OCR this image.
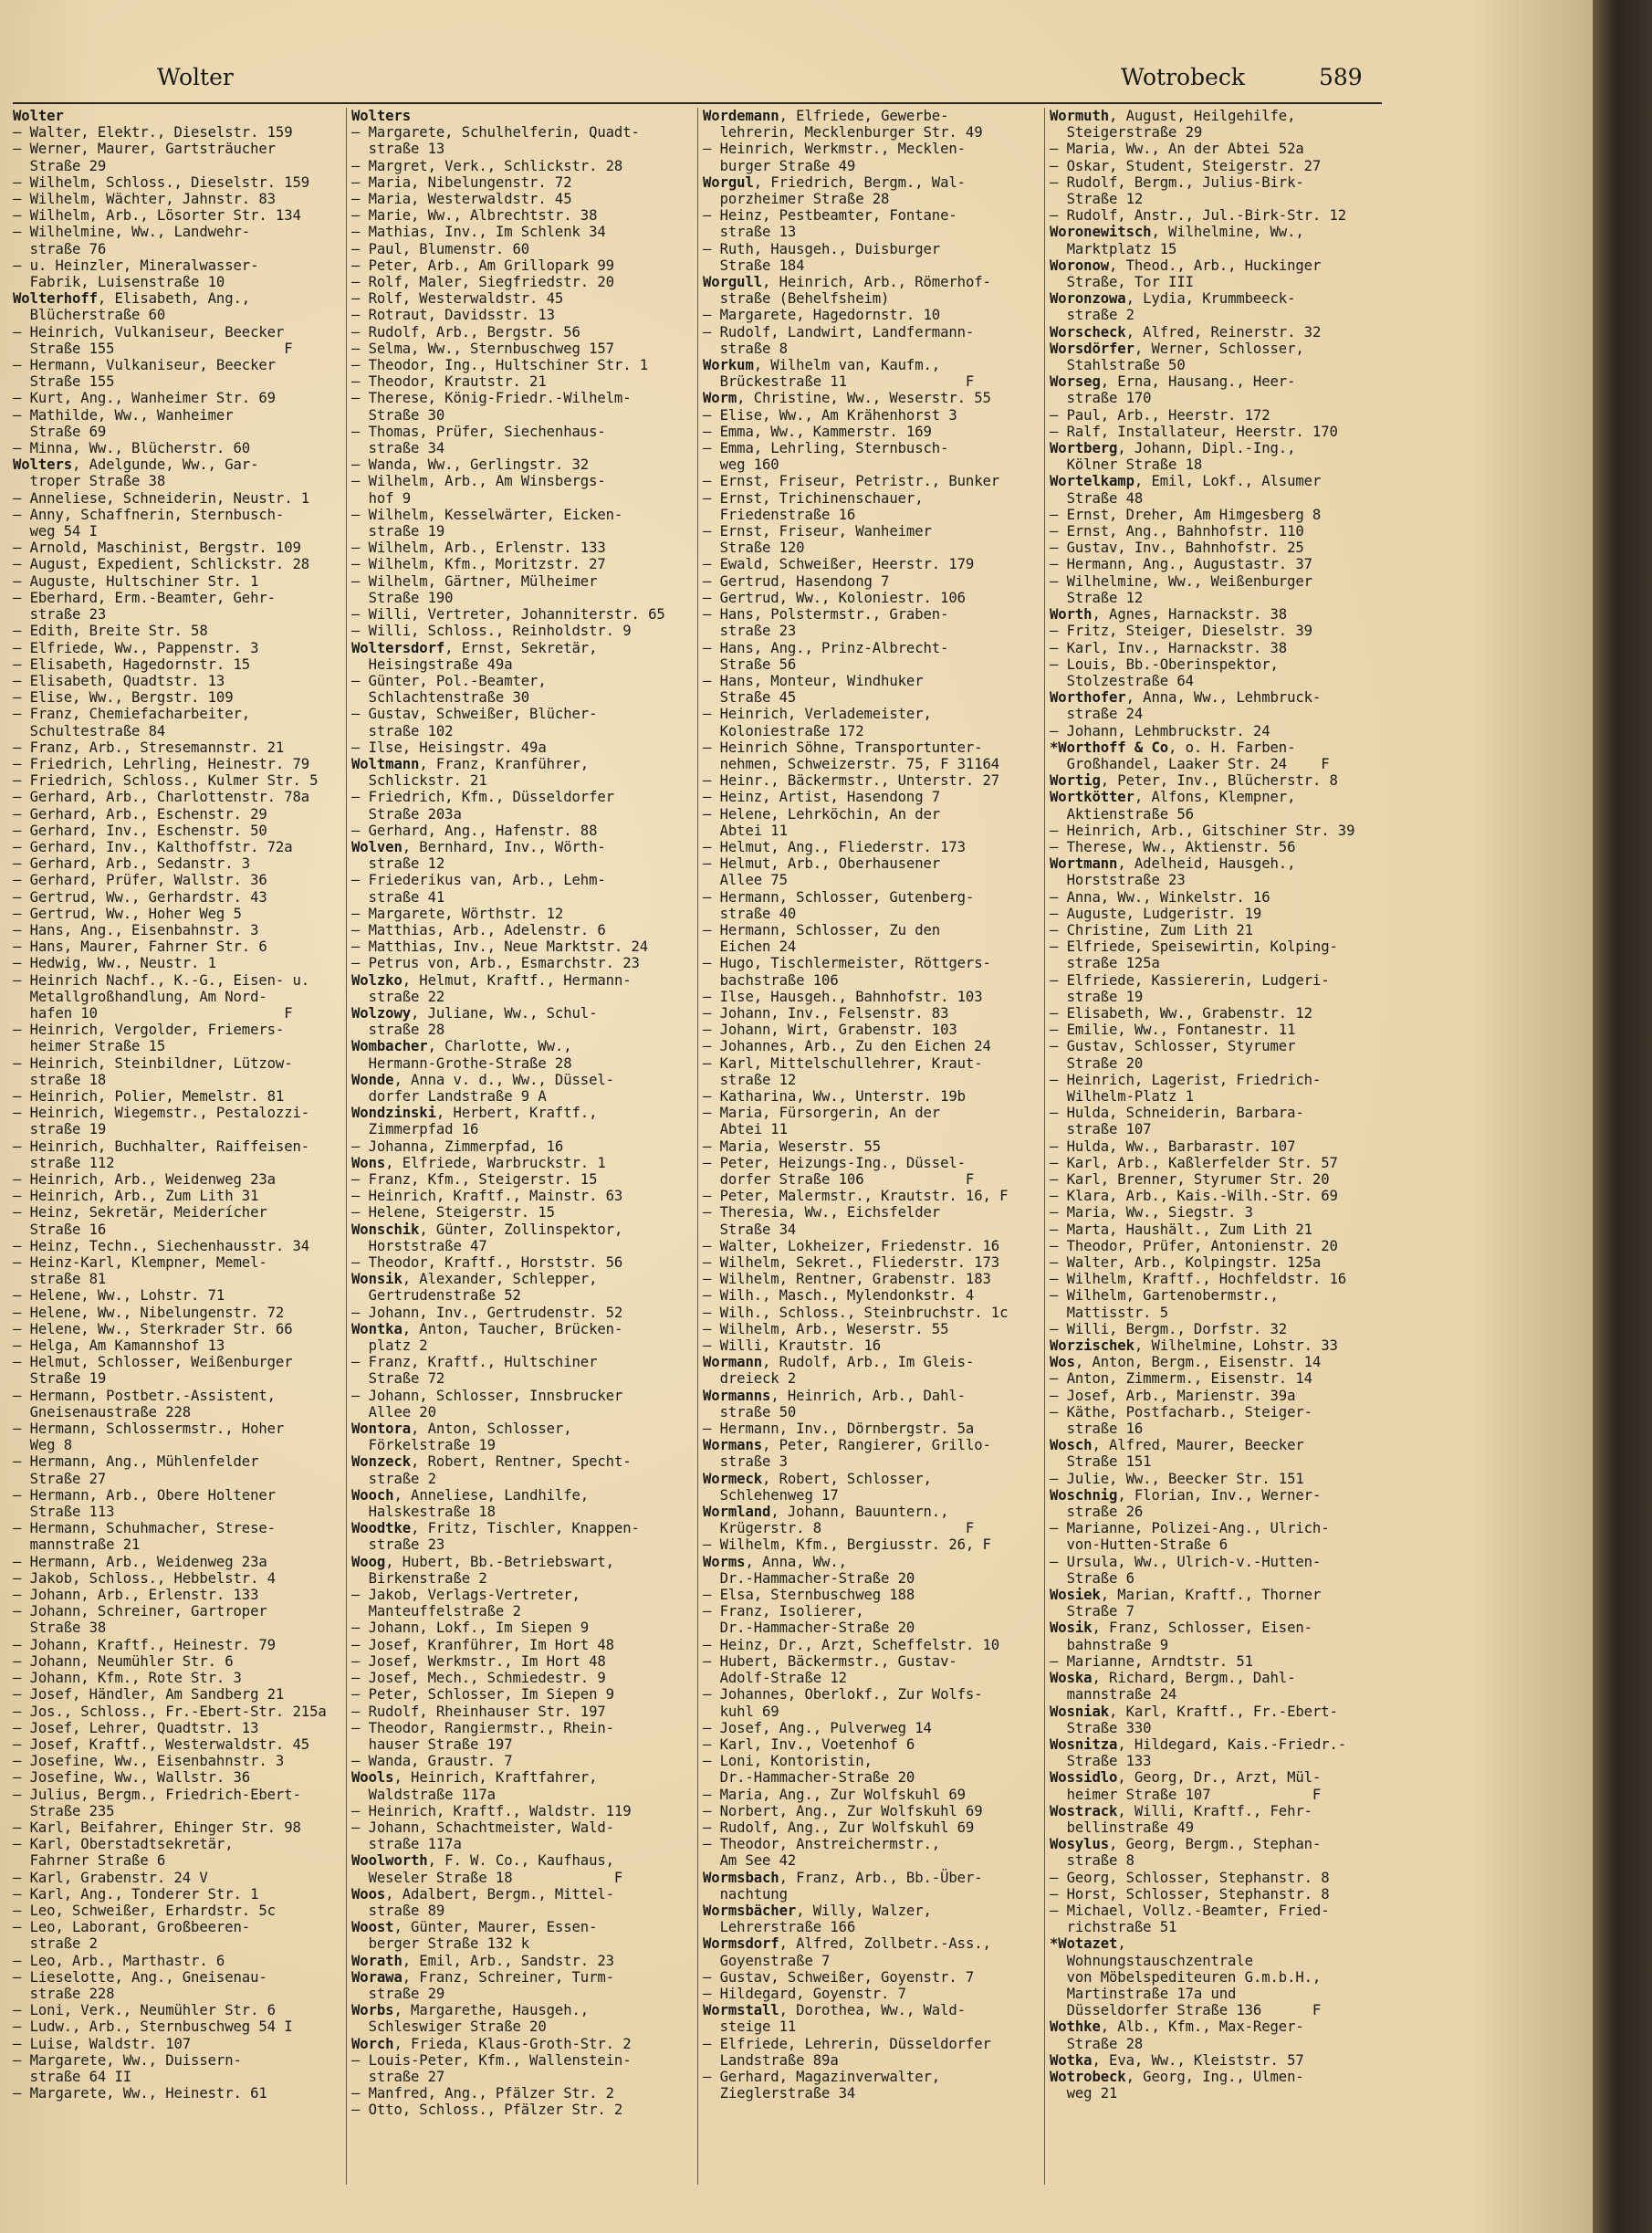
Wolter	Wotrobeck	589
Wolter
— Walter, Elektr., Dieselstr. 159
— Werner, Maurer, Gartsträucher
Straße 29
— Wilhelm, Schloss., Dieselstr. 159
— Wilhelm, Wächter, Jahnstr. 83
— Wilhelm, Arb., Lösorter Str. 134
— Wilhelmine, Ww., Landwehr-
straße 76
— u. Heinzler, Mineralwasser-
Fabrik, Luisenstraße 10
Wolterhoff, Elisabeth, Ang.,
Blücherstraße 60
— Heinrich, Vulkaniseur, Beecker
Straße 155                    F
— Hermann, Vulkaniseur, Beecker
Straße 155
— Kurt, Ang., Wanheimer Str. 69
— Mathilde, Ww., Wanheimer
Straße 69
— Minna, Ww., Blücherstr. 60
Wolters, Adelgunde, Ww., Gar-
troper Straße 38
— Anneliese, Schneiderin, Neustr. 1
— Anny, Schaffnerin, Sternbusch-
weg 54 I
— Arnold, Maschinist, Bergstr. 109
— August, Expedient, Schlickstr. 28
— Auguste, Hultschiner Str. 1
— Eberhard, Erm.-Beamter, Gehr-
straße 23
— Edith, Breite Str. 58
— Elfriede, Ww., Pappenstr. 3
— Elisabeth, Hagedornstr. 15
— Elisabeth, Quadtstr. 13
— Elise, Ww., Bergstr. 109
— Franz, Chemiefacharbeiter,
Schultestraße 84
— Franz, Arb., Stresemannstr. 21
— Friedrich, Lehrling, Heinestr. 79
— Friedrich, Schloss., Kulmer Str. 5
— Gerhard, Arb., Charlottenstr. 78a
— Gerhard, Arb., Eschenstr. 29
— Gerhard, Inv., Eschenstr. 50
— Gerhard, Inv., Kalthoffstr. 72a
— Gerhard, Arb., Sedanstr. 3
— Gerhard, Prüfer, Wallstr. 36
— Gertrud, Ww., Gerhardstr. 43
— Gertrud, Ww., Hoher Weg 5
— Hans, Ang., Eisenbahnstr. 3
— Hans, Maurer, Fahrner Str. 6
— Hedwig, Ww., Neustr. 1
— Heinrich Nachf., K.-G., Eisen- u.
Metallgroßhandlung, Am Nord-
hafen 10                      F
— Heinrich, Vergolder, Friemers-
heimer Straße 15
— Heinrich, Steinbildner, Lützow-
straße 18
— Heinrich, Polier, Memelstr. 81
— Heinrich, Wiegemstr., Pestalozzi-
straße 19
— Heinrich, Buchhalter, Raiffeisen-
straße 112
— Heinrich, Arb., Weidenweg 23a
— Heinrich, Arb., Zum Lith 31
— Heinz, Sekretär, Meiderícher
Straße 16
— Heinz, Techn., Siechenhausstr. 34
— Heinz-Karl, Klempner, Memel-
straße 81
— Helene, Ww., Lohstr. 71
— Helene, Ww., Nibelungenstr. 72
— Helene, Ww., Sterkrader Str. 66
— Helga, Am Kamannshof 13
— Helmut, Schlosser, Weißenburger
Straße 19
— Hermann, Postbetr.-Assistent,
Gneisenaustraße 228
— Hermann, Schlossermstr., Hoher
Weg 8
— Hermann, Ang., Mühlenfelder
Straße 27
— Hermann, Arb., Obere Holtener
Straße 113
— Hermann, Schuhmacher, Strese-
mannstraße 21
— Hermann, Arb., Weidenweg 23a
— Jakob, Schloss., Hebbelstr. 4
— Johann, Arb., Erlenstr. 133
— Johann, Schreiner, Gartroper
Straße 38
— Johann, Kraftf., Heinestr. 79
— Johann, Neumühler Str. 6
— Johann, Kfm., Rote Str. 3
— Josef, Händler, Am Sandberg 21
— Jos., Schloss., Fr.-Ebert-Str. 215a
— Josef, Lehrer, Quadtstr. 13
— Josef, Kraftf., Westerwaldstr. 45
— Josefine, Ww., Eisenbahnstr. 3
— Josefine, Ww., Wallstr. 36
— Julius, Bergm., Friedrich-Ebert-
Straße 235
— Karl, Beifahrer, Ehinger Str. 98
— Karl, Oberstadtsekretär,
Fahrner Straße 6
— Karl, Grabenstr. 24 V
— Karl, Ang., Tonderer Str. 1
— Leo, Schweißer, Erhardstr. 5c
— Leo, Laborant, Großbeeren-
straße 2
— Leo, Arb., Marthastr. 6
— Lieselotte, Ang., Gneisenau-
straße 228
— Loni, Verk., Neumühler Str. 6
— Ludw., Arb., Sternbuschweg 54 I
— Luise, Waldstr. 107
— Margarete, Ww., Duissern-
straße 64 II
— Margarete, Ww., Heinestr. 61
Wolters
— Margarete, Schulhelferin, Quadt-
straße 13
— Margret, Verk., Schlickstr. 28
— Maria, Nibelungenstr. 72
— Maria, Westerwaldstr. 45
— Marie, Ww., Albrechtstr. 38
— Mathias, Inv., Im Schlenk 34
— Paul, Blumenstr. 60
— Peter, Arb., Am Grillopark 99
— Rolf, Maler, Siegfriedstr. 20
— Rolf, Westerwaldstr. 45
— Rotraut, Davidsstr. 13
— Rudolf, Arb., Bergstr. 56
— Selma, Ww., Sternbuschweg 157
— Theodor, Ing., Hultschiner Str. 1
— Theodor, Krautstr. 21
— Therese, König-Friedr.-Wilhelm-
Straße 30
— Thomas, Prüfer, Siechenhaus-
straße 34
— Wanda, Ww., Gerlingstr. 32
— Wilhelm, Arb., Am Winsbergs-
hof 9
— Wilhelm, Kesselwärter, Eicken-
straße 19
— Wilhelm, Arb., Erlenstr. 133
— Wilhelm, Kfm., Moritzstr. 27
— Wilhelm, Gärtner, Mülheimer
Straße 190
— Willi, Vertreter, Johanniterstr. 65
— Willi, Schloss., Reinholdstr. 9
Woltersdorf, Ernst, Sekretär,
Heisingstraße 49a
— Günter, Pol.-Beamter,
Schlachtenstraße 30
— Gustav, Schweißer, Blücher-
straße 102
— Ilse, Heisingstr. 49a
Woltmann, Franz, Kranführer,
Schlickstr. 21
— Friedrich, Kfm., Düsseldorfer
Straße 203a
— Gerhard, Ang., Hafenstr. 88
Wolven, Bernhard, Inv., Wörth-
straße 12
— Friederikus van, Arb., Lehm-
straße 41
— Margarete, Wörthstr. 12
— Matthias, Arb., Adelenstr. 6
— Matthias, Inv., Neue Marktstr. 24
— Petrus von, Arb., Esmarchstr. 23
Wolzko, Helmut, Kraftf., Hermann-
straße 22
Wolzowy, Juliane, Ww., Schul-
straße 28
Wombacher, Charlotte, Ww.,
Hermann-Grothe-Straße 28
Wonde, Anna v. d., Ww., Düssel-
dorfer Landstraße 9 A
Wondzinski, Herbert, Kraftf.,
Zimmerpfad 16
— Johanna, Zimmerpfad, 16
Wons, Elfriede, Warbruckstr. 1
— Franz, Kfm., Steigerstr. 15
— Heinrich, Kraftf., Mainstr. 63
— Helene, Steigerstr. 15
Wonschik, Günter, Zollinspektor,
Horststraße 47
— Theodor, Kraftf., Horststr. 56
Wonsik, Alexander, Schlepper,
Gertrudenstraße 52
— Johann, Inv., Gertrudenstr. 52
Wontka, Anton, Taucher, Brücken-
platz 2
— Franz, Kraftf., Hultschiner
Straße 72
— Johann, Schlosser, Innsbrucker
Allee 20
Wontora, Anton, Schlosser,
Förkelstraße 19
Wonzeck, Robert, Rentner, Specht-
straße 2
Wooch, Anneliese, Landhilfe,
Halskestraße 18
Woodtke, Fritz, Tischler, Knappen-
straße 23
Woog, Hubert, Bb.-Betriebswart,
Birkenstraße 2
— Jakob, Verlags-Vertreter,
Manteuffelstraße 2
— Johann, Lokf., Im Siepen 9
— Josef, Kranführer, Im Hort 48
— Josef, Werkmstr., Im Hort 48
— Josef, Mech., Schmiedestr. 9
— Peter, Schlosser, Im Siepen 9
— Rudolf, Rheinhauser Str. 197
— Theodor, Rangiermstr., Rhein-
hauser Straße 197
— Wanda, Graustr. 7
Wools, Heinrich, Kraftfahrer,
Waldstraße 117a
— Heinrich, Kraftf., Waldstr. 119
— Johann, Schachtmeister, Wald-
straße 117a
Woolworth, F. W. Co., Kaufhaus,
Weseler Straße 18            F
Woos, Adalbert, Bergm., Mittel-
straße 89
Woost, Günter, Maurer, Essen-
berger Straße 132 k
Worath, Emil, Arb., Sandstr. 23
Worawa, Franz, Schreiner, Turm-
straße 29
Worbs, Margarethe, Hausgeh.,
Schleswiger Straße 20
Worch, Frieda, Klaus-Groth-Str. 2
— Louis-Peter, Kfm., Wallenstein-
straße 27
— Manfred, Ang., Pfälzer Str. 2
— Otto, Schloss., Pfälzer Str. 2
Wordemann, Elfriede, Gewerbe-
lehrerin, Mecklenburger Str. 49
— Heinrich, Werkmstr., Mecklen-
burger Straße 49
Worgul, Friedrich, Bergm., Wal-
porzheimer Straße 28
— Heinz, Pestbeamter, Fontane-
straße 13
— Ruth, Hausgeh., Duisburger
Straße 184
Worgull, Heinrich, Arb., Römerhof-
straße (Behelfsheim)
— Margarete, Hagedornstr. 10
— Rudolf, Landwirt, Landfermann-
straße 8
Workum, Wilhelm van, Kaufm.,
Brückestraße 11              F
Worm, Christine, Ww., Weserstr. 55
— Elise, Ww., Am Krähenhorst 3
— Emma, Ww., Kammerstr. 169
— Emma, Lehrling, Sternbusch-
weg 160
— Ernst, Friseur, Petristr., Bunker
— Ernst, Trichinenschauer,
Friedenstraße 16
— Ernst, Friseur, Wanheimer
Straße 120
— Ewald, Schweißer, Heerstr. 179
— Gertrud, Hasendong 7
— Gertrud, Ww., Koloniestr. 106
— Hans, Polstermstr., Graben-
straße 23
— Hans, Ang., Prinz-Albrecht-
Straße 56
— Hans, Monteur, Windhuker
Straße 45
— Heinrich, Verlademeister,
Koloniestraße 172
— Heinrich Söhne, Transportunter-
nehmen, Schweizerstr. 75, F 31164
— Heinr., Bäckermstr., Unterstr. 27
— Heinz, Artist, Hasendong 7
— Helene, Lehrköchin, An der
Abtei 11
— Helmut, Ang., Fliederstr. 173
— Helmut, Arb., Oberhausener
Allee 75
— Hermann, Schlosser, Gutenberg-
straße 40
— Hermann, Schlosser, Zu den
Eichen 24
— Hugo, Tischlermeister, Röttgers-
bachstraße 106
— Ilse, Hausgeh., Bahnhofstr. 103
— Johann, Inv., Felsenstr. 83
— Johann, Wirt, Grabenstr. 103
— Johannes, Arb., Zu den Eichen 24
— Karl, Mittelschullehrer, Kraut-
straße 12
— Katharina, Ww., Unterstr. 19b
— Maria, Fürsorgerin, An der
Abtei 11
— Maria, Weserstr. 55
— Peter, Heizungs-Ing., Düssel-
dorfer Straße 106            F
— Peter, Malermstr., Krautstr. 16, F
— Theresia, Ww., Eichsfelder
Straße 34
— Walter, Lokheizer, Friedenstr. 16
— Wilhelm, Sekret., Fliederstr. 173
— Wilhelm, Rentner, Grabenstr. 183
— Wilh., Masch., Mylendonkstr. 4
— Wilh., Schloss., Steinbruchstr. 1c
— Wilhelm, Arb., Weserstr. 55
— Willi, Krautstr. 16
Wormann, Rudolf, Arb., Im Gleis-
dreieck 2
Wormanns, Heinrich, Arb., Dahl-
straße 50
— Hermann, Inv., Dörnbergstr. 5a
Wormans, Peter, Rangierer, Grillo-
straße 3
Wormeck, Robert, Schlosser,
Schlehenweg 17
Wormland, Johann, Bauuntern.,
Krügerstr. 8                 F
— Wilhelm, Kfm., Bergiusstr. 26, F
Worms, Anna, Ww.,
Dr.-Hammacher-Straße 20
— Elsa, Sternbuschweg 188
— Franz, Isolierer,
Dr.-Hammacher-Straße 20
— Heinz, Dr., Arzt, Scheffelstr. 10
— Hubert, Bäckermstr., Gustav-
Adolf-Straße 12
— Johannes, Oberlokf., Zur Wolfs-
kuhl 69
— Josef, Ang., Pulverweg 14
— Karl, Inv., Voetenhof 6
— Loni, Kontoristin,
Dr.-Hammacher-Straße 20
— Maria, Ang., Zur Wolfskuhl 69
— Norbert, Ang., Zur Wolfskuhl 69
— Rudolf, Ang., Zur Wolfskuhl 69
— Theodor, Anstreichermstr.,
Am See 42
Wormsbach, Franz, Arb., Bb.-Über-
nachtung
Wormsbächer, Willy, Walzer,
Lehrerstraße 166
Wormsdorf, Alfred, Zollbetr.-Ass.,
Goyenstraße 7
— Gustav, Schweißer, Goyenstr. 7
— Hildegard, Goyenstr. 7
Wormstall, Dorothea, Ww., Wald-
steige 11
— Elfriede, Lehrerin, Düsseldorfer
Landstraße 89a
— Gerhard, Magazinverwalter,
Zieglerstraße 34
Wormuth, August, Heilgehilfe,
Steigerstraße 29
— Maria, Ww., An der Abtei 52a
— Oskar, Student, Steigerstr. 27
— Rudolf, Bergm., Julius-Birk-
Straße 12
— Rudolf, Anstr., Jul.-Birk-Str. 12
Woronewitsch, Wilhelmine, Ww.,
Marktplatz 15
Woronow, Theod., Arb., Huckinger
Straße, Tor III
Woronzowa, Lydia, Krummbeeck-
straße 2
Worscheck, Alfred, Reinerstr. 32
Worsdörfer, Werner, Schlosser,
Stahlstraße 50
Worseg, Erna, Hausang., Heer-
straße 170
— Paul, Arb., Heerstr. 172
— Ralf, Installateur, Heerstr. 170
Wortberg, Johann, Dipl.-Ing.,
Kölner Straße 18
Wortelkamp, Emil, Lokf., Alsumer
Straße 48
— Ernst, Dreher, Am Himgesberg 8
— Ernst, Ang., Bahnhofstr. 110
— Gustav, Inv., Bahnhofstr. 25
— Hermann, Ang., Augustastr. 37
— Wilhelmine, Ww., Weißenburger
Straße 12
Worth, Agnes, Harnackstr. 38
— Fritz, Steiger, Dieselstr. 39
— Karl, Inv., Harnackstr. 38
— Louis, Bb.-Oberinspektor,
Stolzestraße 64
Worthofer, Anna, Ww., Lehmbruck-
straße 24
— Johann, Lehmbruckstr. 24
*Worthoff & Co, o. H. Farben-
Großhandel, Laaker Str. 24    F
Wortig, Peter, Inv., Blücherstr. 8
Wortkötter, Alfons, Klempner,
Aktienstraße 56
— Heinrich, Arb., Gitschiner Str. 39
— Therese, Ww., Aktienstr. 56
Wortmann, Adelheid, Hausgeh.,
Horststraße 23
— Anna, Ww., Winkelstr. 16
— Auguste, Ludgeristr. 19
— Christine, Zum Lith 21
— Elfriede, Speisewirtin, Kolping-
straße 125a
— Elfriede, Kassiererin, Ludgeri-
straße 19
— Elisabeth, Ww., Grabenstr. 12
— Emilie, Ww., Fontanestr. 11
— Gustav, Schlosser, Styrumer
Straße 20
— Heinrich, Lagerist, Friedrich-
Wilhelm-Platz 1
— Hulda, Schneiderin, Barbara-
straße 107
— Hulda, Ww., Barbarastr. 107
— Karl, Arb., Kaßlerfelder Str. 57
— Karl, Brenner, Styrumer Str. 20
— Klara, Arb., Kais.-Wilh.-Str. 69
— Maria, Ww., Siegstr. 3
— Marta, Haushält., Zum Lith 21
— Theodor, Prüfer, Antonienstr. 20
— Walter, Arb., Kolpingstr. 125a
— Wilhelm, Kraftf., Hochfeldstr. 16
— Wilhelm, Gartenobermstr.,
Mattisstr. 5
— Willi, Bergm., Dorfstr. 32
Worzischek, Wilhelmine, Lohstr. 33
Wos, Anton, Bergm., Eisenstr. 14
— Anton, Zimmerm., Eisenstr. 14
— Josef, Arb., Marienstr. 39a
— Käthe, Postfacharb., Steiger-
straße 16
Wosch, Alfred, Maurer, Beecker
Straße 151
— Julie, Ww., Beecker Str. 151
Woschnig, Florian, Inv., Werner-
straße 26
— Marianne, Polizei-Ang., Ulrich-
von-Hutten-Straße 6
— Ursula, Ww., Ulrich-v.-Hutten-
Straße 6
Wosiek, Marian, Kraftf., Thorner
Straße 7
Wosik, Franz, Schlosser, Eisen-
bahnstraße 9
— Marianne, Arndtstr. 51
Woska, Richard, Bergm., Dahl-
mannstraße 24
Wosniak, Karl, Kraftf., Fr.-Ebert-
Straße 330
Wosnitza, Hildegard, Kais.-Friedr.-
Straße 133
Wossidlo, Georg, Dr., Arzt, Mül-
heimer Straße 107            F
Wostrack, Willi, Kraftf., Fehr-
bellinstraße 49
Wosylus, Georg, Bergm., Stephan-
straße 8
— Georg, Schlosser, Stephanstr. 8
— Horst, Schlosser, Stephanstr. 8
— Michael, Vollz.-Beamter, Fried-
richstraße 51
*Wotazet,
Wohnungstauschzentrale
von Möbelspediteuren G.m.b.H.,
Martinstraße 17a und
Düsseldorfer Straße 136      F
Wothke, Alb., Kfm., Max-Reger-
Straße 28
Wotka, Eva, Ww., Kleiststr. 57
Wotrobeck, Georg, Ing., Ulmen-
weg 21
